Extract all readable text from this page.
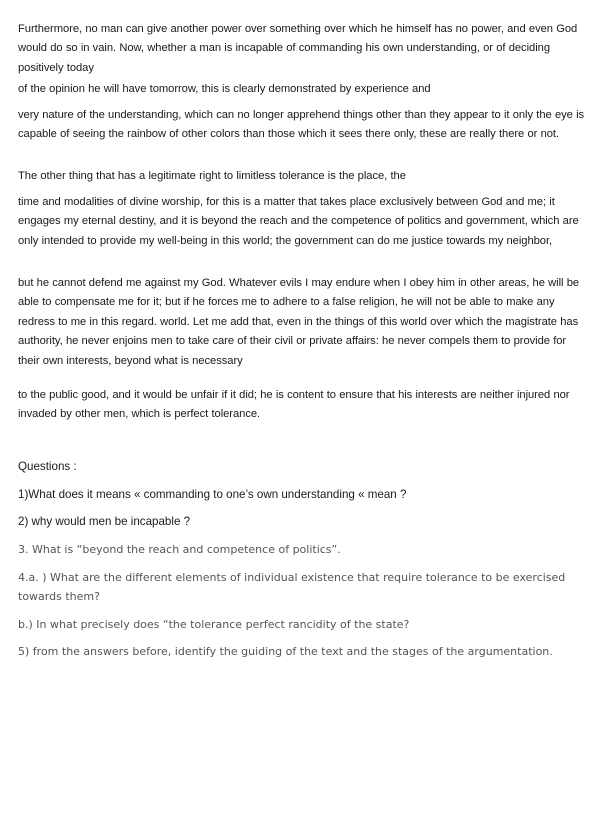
Furthermore, no man can give another power over something over which he himself has no power, and even God would do so in vain. Now, whether a man is incapable of commanding his own understanding, or of deciding positively today

of the opinion he will have tomorrow, this is clearly demonstrated by experience and

very nature of the understanding, which can no longer apprehend things other than they appear to it only the eye is capable of seeing the rainbow of other colors than those which it sees there only, these are really there or not.

The other thing that has a legitimate right to limitless tolerance is the place, the

time and modalities of divine worship, for this is a matter that takes place exclusively between God and me; it engages my eternal destiny, and it is beyond the reach and the competence of politics and government, which are only intended to provide my well-being in this world; the government can do me justice towards my neighbor,

but he cannot defend me against my God. Whatever evils I may endure when I obey him in other areas, he will be able to compensate me for it; but if he forces me to adhere to a false religion, he will not be able to make any redress to me in this regard. world. Let me add that, even in the things of this world over which the magistrate has authority, he never enjoins men to take care of their civil or private affairs: he never compels them to provide for their own interests, beyond what is necessary

to the public good, and it would be unfair if it did; he is content to ensure that his interests are neither injured nor invaded by other men, which is perfect tolerance.

Questions :

1)What does it means « commanding to one’s own understanding « mean ?

2) why would men be incapable ?

3. What is “beyond the reach and competence of politics”.

4.a. ) What are the different elements of individual existence that require tolerance to be exercised towards them?

b.) In what precisely does “the tolerance perfect rancidity of the state?

5) from the answers before, identify the guiding of the text and the stages of the argumentation.
